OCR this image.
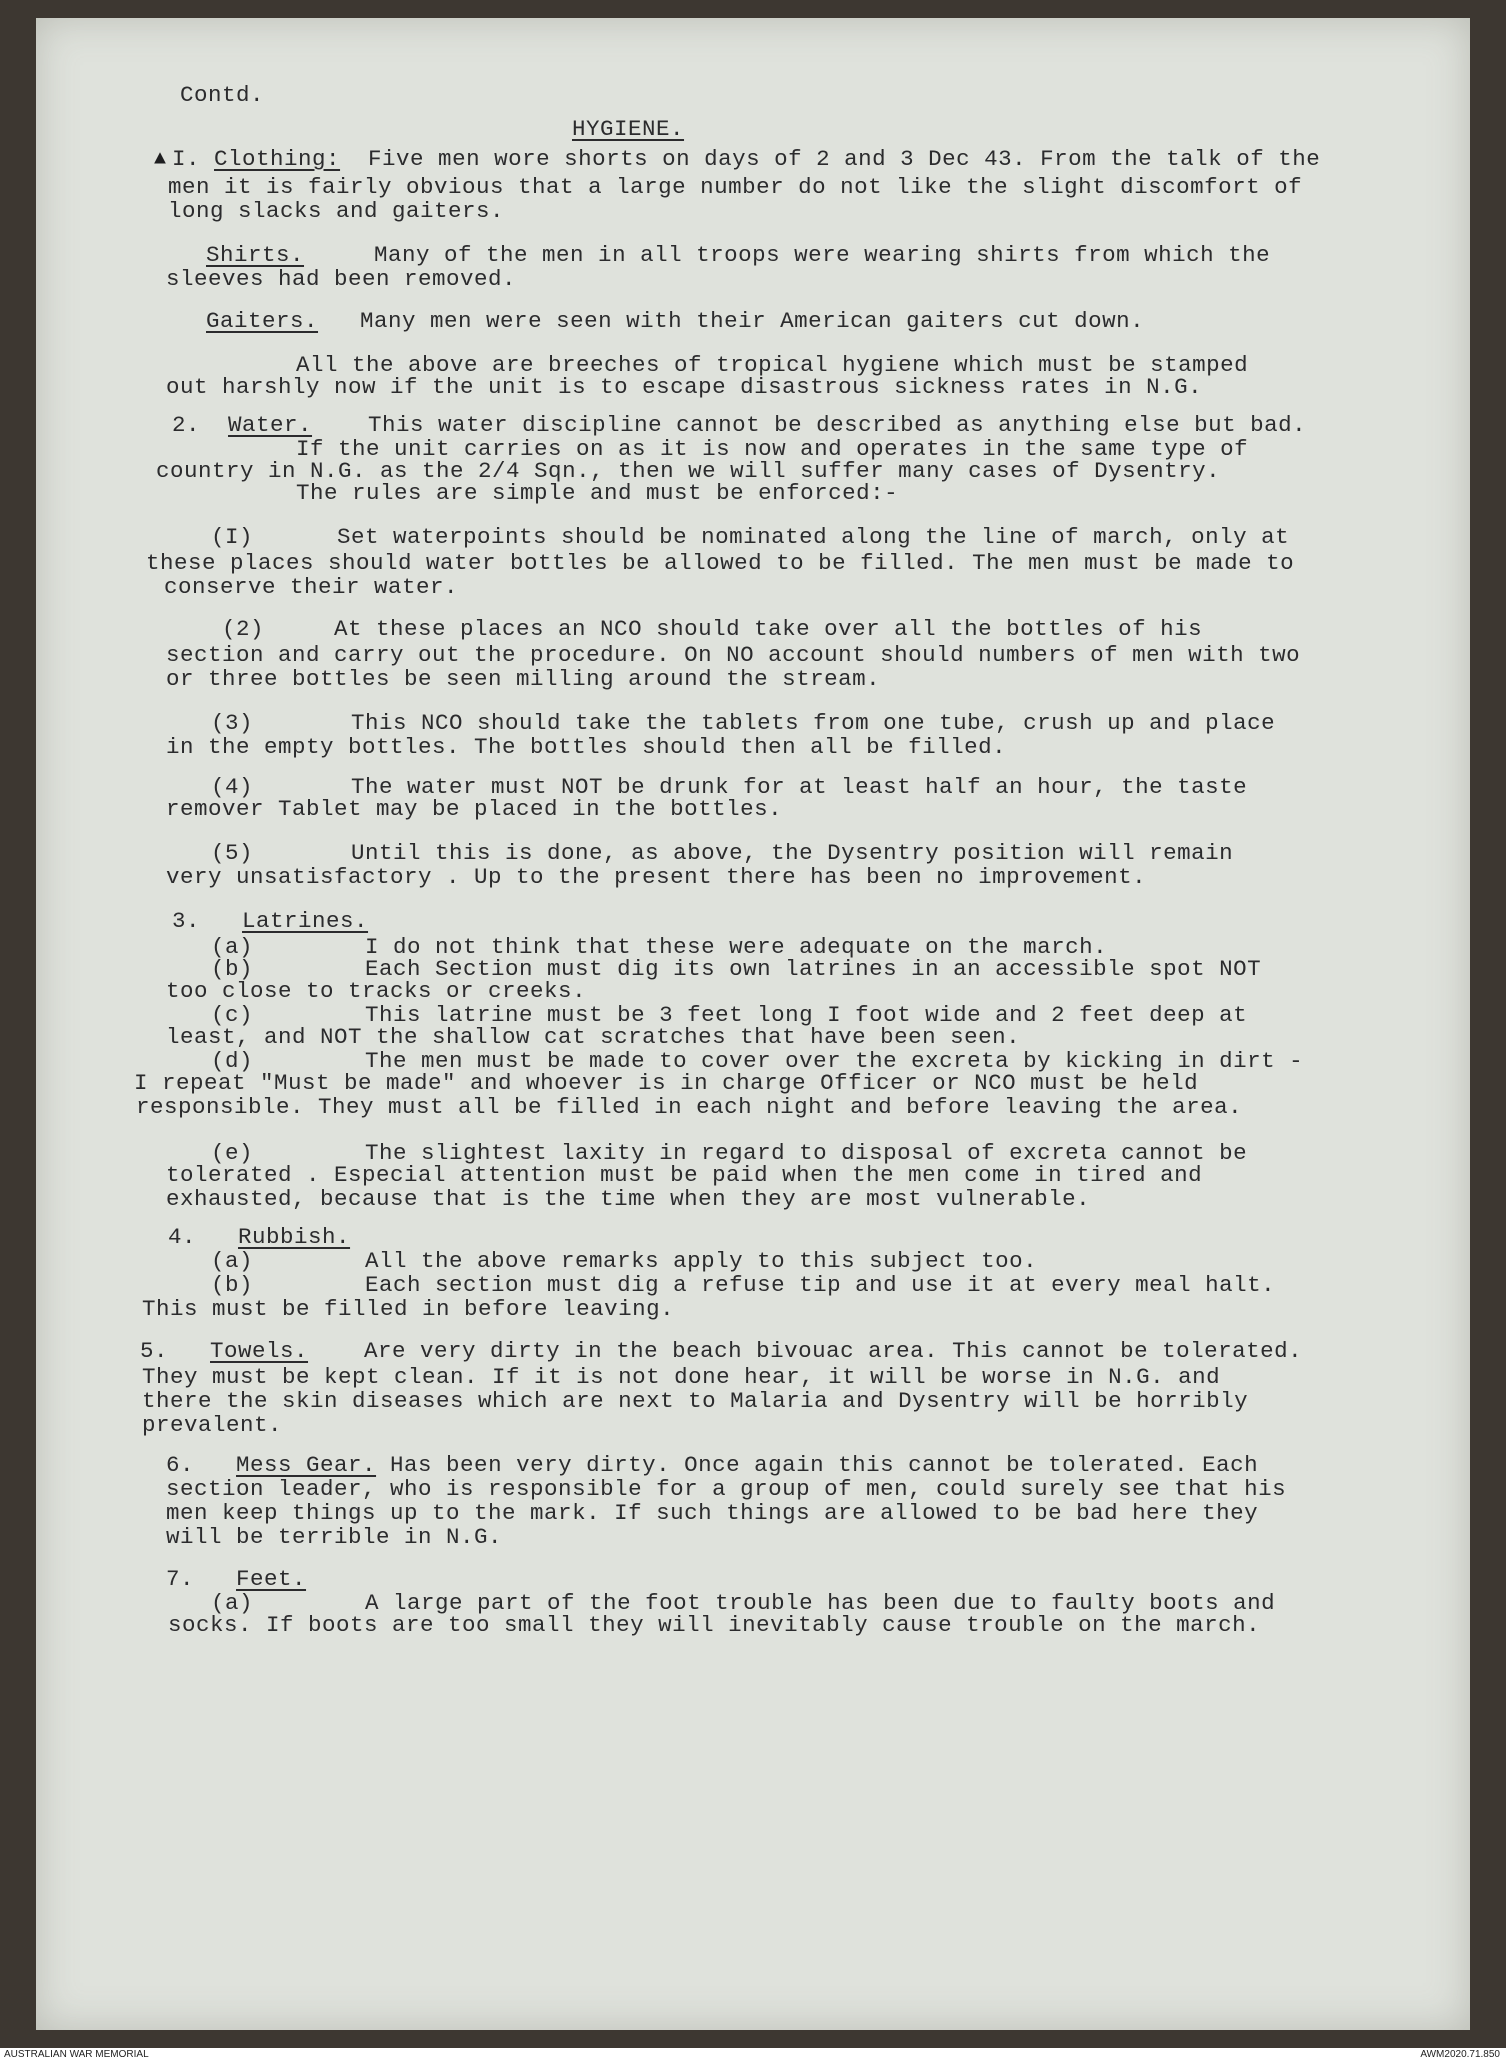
Contd.
HYGIENE.
▲ I. Clothing:  Five men wore shorts on days of 2 and 3 Dec 43. From the talk of the
men it is fairly obvious that a large number do not like the slight discomfort of
long slacks and gaiters.
Shirts.     Many of the men in all troops were wearing shirts from which the
sleeves had been removed.
Gaiters.   Many men were seen with their American gaiters cut down.
All the above are breeches of tropical hygiene which must be stamped
out harshly now if the unit is to escape disastrous sickness rates in N.G.
2.  Water.    This water discipline cannot be described as anything else but bad.
If the unit carries on as it is now and operates in the same type of
country in N.G. as the 2/4 Sqn., then we will suffer many cases of Dysentry.
The rules are simple and must be enforced:-
(I)      Set waterpoints should be nominated along the line of march, only at
these places should water bottles be allowed to be filled. The men must be made to
conserve their water.
(2)     At these places an NCO should take over all the bottles of his
section and carry out the procedure. On NO account should numbers of men with two
or three bottles be seen milling around the stream.
(3)       This NCO should take the tablets from one tube, crush up and place
in the empty bottles. The bottles should then all be filled.
(4)       The water must NOT be drunk for at least half an hour, the taste
remover Tablet may be placed in the bottles.
(5)       Until this is done, as above, the Dysentry position will remain
very unsatisfactory . Up to the present there has been no improvement.
3.   Latrines.
(a)        I do not think that these were adequate on the march.
(b)        Each Section must dig its own latrines in an accessible spot NOT
too close to tracks or creeks.
(c)        This latrine must be 3 feet long I foot wide and 2 feet deep at
least, and NOT the shallow cat scratches that have been seen.
(d)        The men must be made to cover over the excreta by kicking in dirt -
I repeat "Must be made" and whoever is in charge Officer or NCO must be held
responsible. They must all be filled in each night and before leaving the area.
(e)        The slightest laxity in regard to disposal of excreta cannot be
tolerated . Especial attention must be paid when the men come in tired and
exhausted, because that is the time when they are most vulnerable.
4.   Rubbish.
(a)        All the above remarks apply to this subject too.
(b)        Each section must dig a refuse tip and use it at every meal halt.
This must be filled in before leaving.
5.   Towels.    Are very dirty in the beach bivouac area. This cannot be tolerated.
They must be kept clean. If it is not done hear, it will be worse in N.G. and
there the skin diseases which are next to Malaria and Dysentry will be horribly
prevalent.
6.   Mess Gear. Has been very dirty. Once again this cannot be tolerated. Each
section leader, who is responsible for a group of men, could surely see that his
men keep things up to the mark. If such things are allowed to be bad here they
will be terrible in N.G.
7.   Feet.
(a)        A large part of the foot trouble has been due to faulty boots and
socks. If boots are too small they will inevitably cause trouble on the march.
AUSTRALIAN WAR MEMORIAL	AWM2020.71.850
